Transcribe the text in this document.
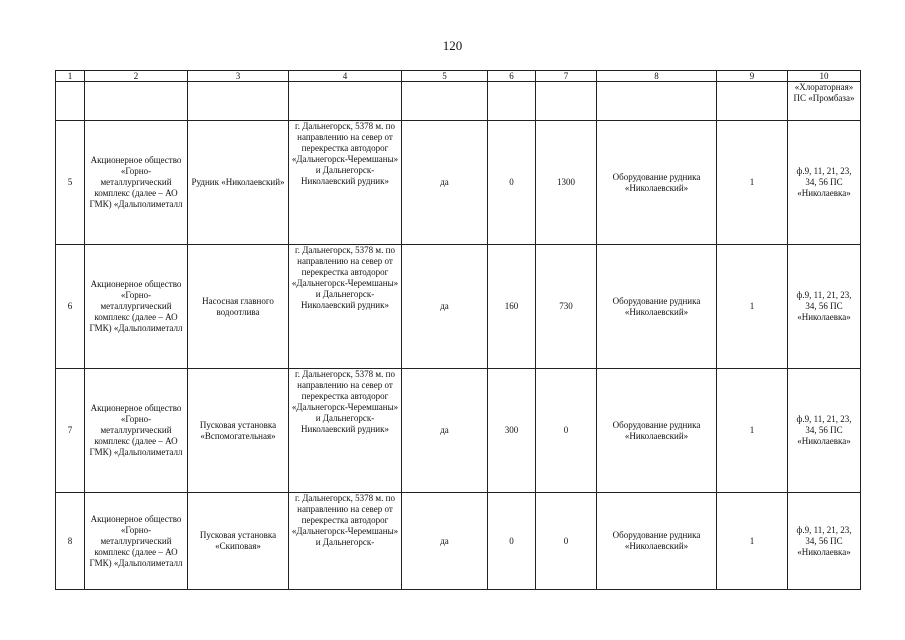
120
1	2	3	4	5	6	7	8	9	10
									«Хлораторная» ПС «Промбаза»
5	Акционерное общество «Горно-металлургический комплекс (далее – АО ГМК) «Дальполиметалл	Рудник «Николаевский»	г. Дальнегорск, 5378 м. по направлению на север от перекрестка автодорог «Дальнегорск-Черемшаны» и Дальнегорск-Николаевский рудник»	да	0	1300	Оборудование рудника «Николаевский»	1	ф.9, 11, 21, 23, 34, 56 ПС «Николаевка»
6	Акционерное общество «Горно-металлургический комплекс (далее – АО ГМК) «Дальполиметалл	Насосная главного водоотлива	г. Дальнегорск, 5378 м. по направлению на север от перекрестка автодорог «Дальнегорск-Черемшаны» и Дальнегорск-Николаевский рудник»	да	160	730	Оборудование рудника «Николаевский»	1	ф.9, 11, 21, 23, 34, 56 ПС «Николаевка»
7	Акционерное общество «Горно-металлургический комплекс (далее – АО ГМК) «Дальполиметалл	Пусковая установка «Вспомогательная»	г. Дальнегорск, 5378 м. по направлению на север от перекрестка автодорог «Дальнегорск-Черемшаны» и Дальнегорск-Николаевский рудник»	да	300	0	Оборудование рудника «Николаевский»	1	ф.9, 11, 21, 23, 34, 56 ПС «Николаевка»
8	Акционерное общество «Горно-металлургический комплекс (далее – АО ГМК) «Дальполиметалл	Пусковая установка «Скиповая»	г. Дальнегорск, 5378 м. по направлению на север от перекрестка автодорог «Дальнегорск-Черемшаны» и Дальнегорск-	да	0	0	Оборудование рудника «Николаевский»	1	ф.9, 11, 21, 23, 34, 56 ПС «Николаевка»
